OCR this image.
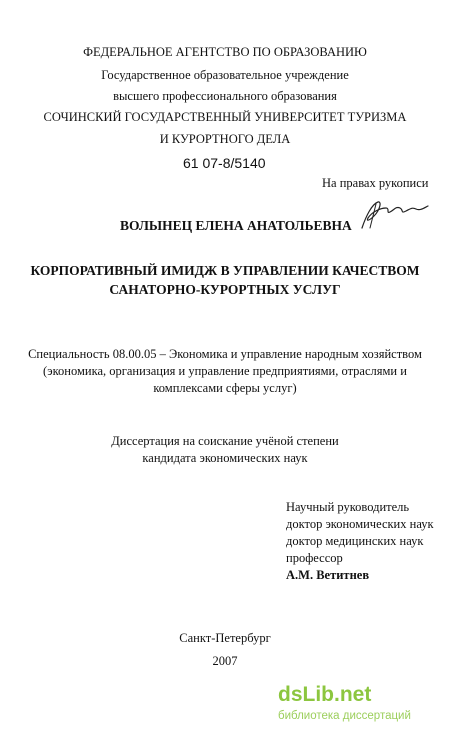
ФЕДЕРАЛЬНОЕ АГЕНТСТВО ПО ОБРАЗОВАНИЮ
Государственное образовательное учреждение
высшего профессионального образования
СОЧИНСКИЙ ГОСУДАРСТВЕННЫЙ УНИВЕРСИТЕТ ТУРИЗМА
И КУРОРТНОГО ДЕЛА
61 07-8/5140
На правах рукописи
ВОЛЫНЕЦ ЕЛЕНА АНАТОЛЬЕВНА
КОРПОРАТИВНЫЙ ИМИДЖ В УПРАВЛЕНИИ КАЧЕСТВОМ
САНАТОРНО-КУРОРТНЫХ УСЛУГ
Специальность 08.00.05 – Экономика и управление народным хозяйством
(экономика, организация и управление предприятиями, отраслями и
комплексами сферы услуг)
Диссертация на соискание учёной степени
кандидата экономических наук
Научный руководитель
доктор экономических наук
доктор медицинских наук
профессор
А.М. Ветитнев
Санкт-Петербург
2007
dsLib.net
библиотека диссертаций
